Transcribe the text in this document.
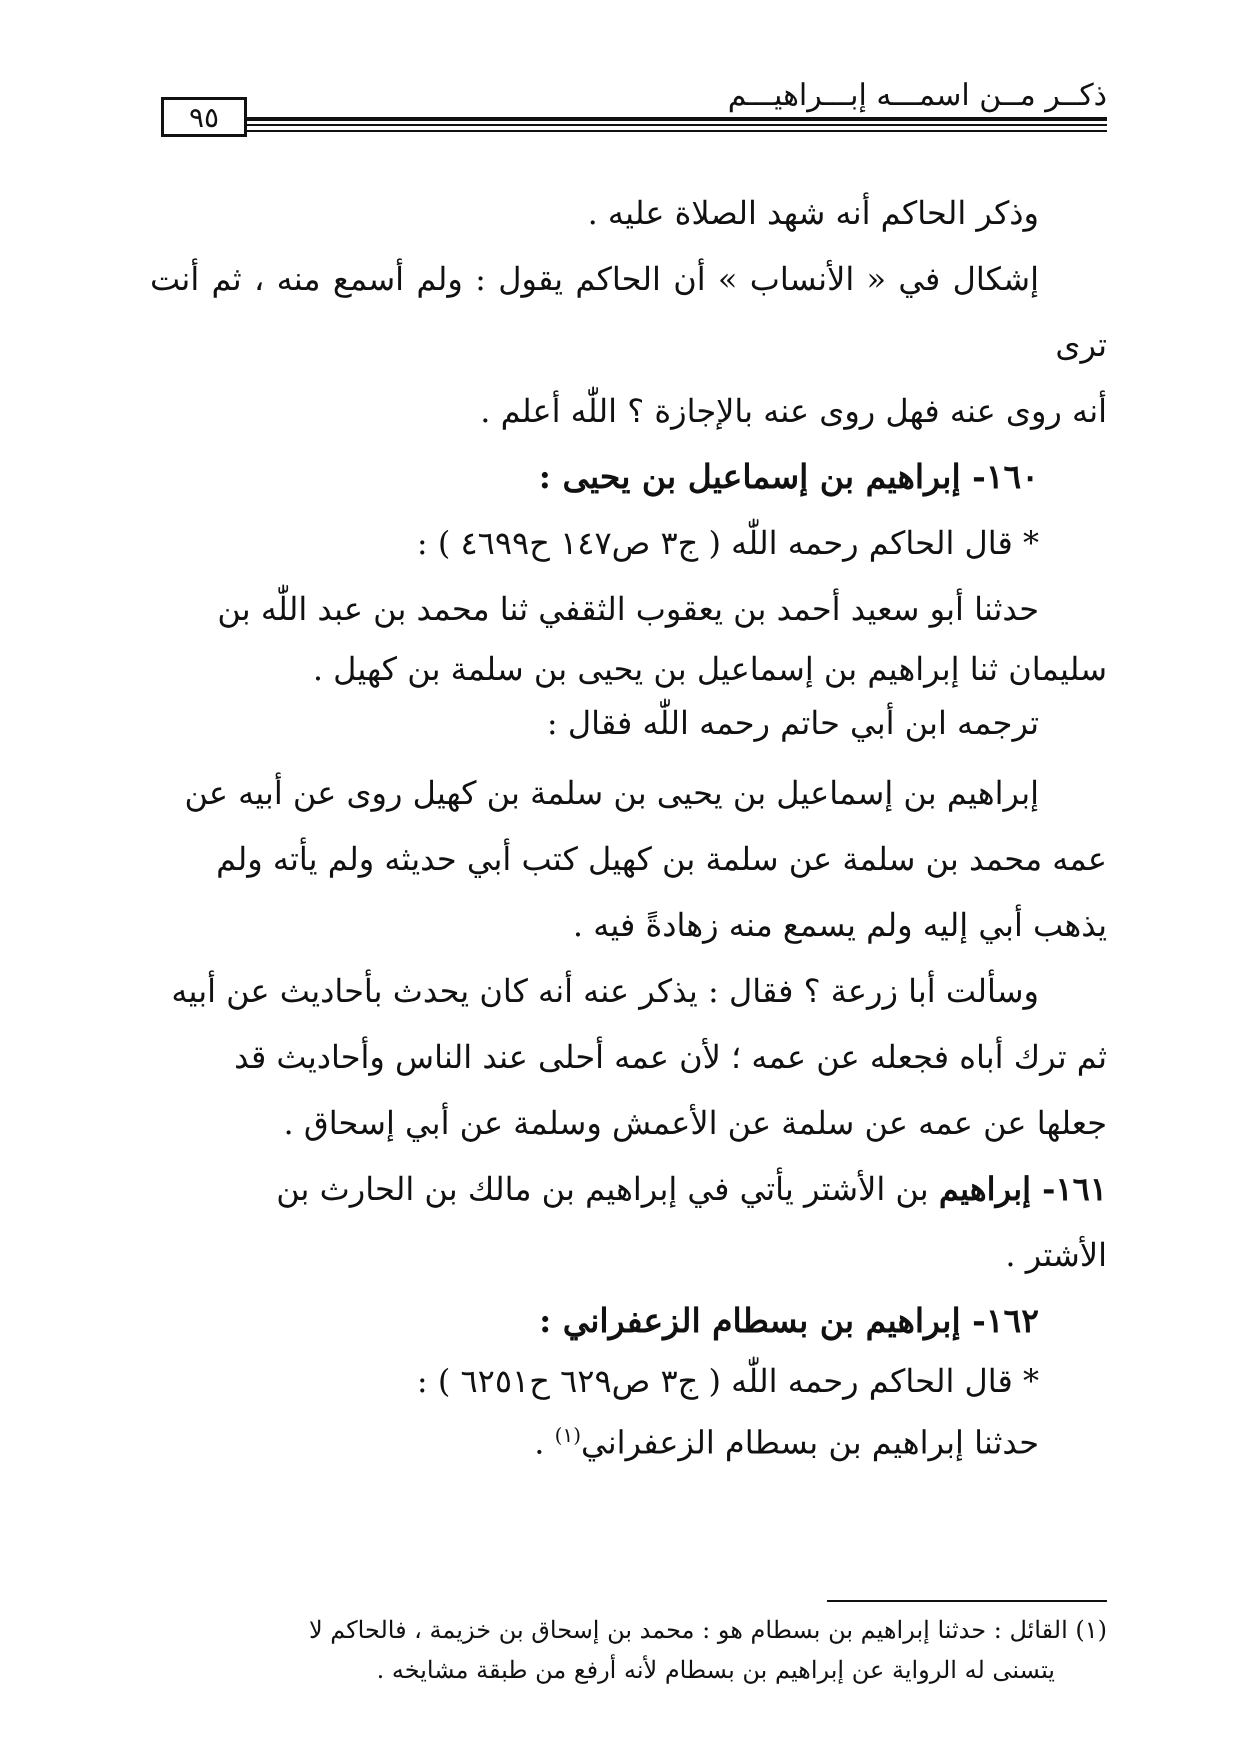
ذكــر مــن اسمـــه إبـــراهيـــم
٩٥

وذكر الحاكم أنه شهد الصلاة عليه .

إشكال في « الأنساب » أن الحاكم يقول : ولم أسمع منه ، ثم أنت ترى

أنه روى عنه فهل روى عنه بالإجازة ؟ اللّٰه أعلم .

١٦٠- إبراهيم بن إسماعيل بن يحيى :

* قال الحاكم رحمه اللّٰه ( ج٣ ص١٤٧ ح٤٦٩٩ ) :

حدثنا أبو سعيد أحمد بن يعقوب الثقفي ثنا محمد بن عبد اللّٰه بن

سليمان ثنا إبراهيم بن إسماعيل بن يحيى بن سلمة بن كهيل .

ترجمه ابن أبي حاتم رحمه اللّٰه فقال :

إبراهيم بن إسماعيل بن يحيى بن سلمة بن كهيل روى عن أبيه عن

عمه محمد بن سلمة عن سلمة بن كهيل كتب أبي حديثه ولم يأته ولم

يذهب أبي إليه ولم يسمع منه زهادةً فيه .

وسألت أبا زرعة ؟ فقال : يذكر عنه أنه كان يحدث بأحاديث عن أبيه

ثم ترك أباه فجعله عن عمه ؛ لأن عمه أحلى عند الناس وأحاديث قد

جعلها عن عمه عن سلمة عن الأعمش وسلمة عن أبي إسحاق .

١٦١- إبراهيم بن الأشتر يأتي في إبراهيم بن مالك بن الحارث بن

الأشتر .

١٦٢- إبراهيم بن بسطام الزعفراني :

* قال الحاكم رحمه اللّٰه ( ج٣ ص٦٢٩ ح٦٢٥١ ) :

حدثنا إبراهيم بن بسطام الزعفراني$^{(١)}$ .

(١) القائل : حدثنا إبراهيم بن بسطام هو : محمد بن إسحاق بن خزيمة ، فالحاكم لا

يتسنى له الرواية عن إبراهيم بن بسطام لأنه أرفع من طبقة مشايخه .
